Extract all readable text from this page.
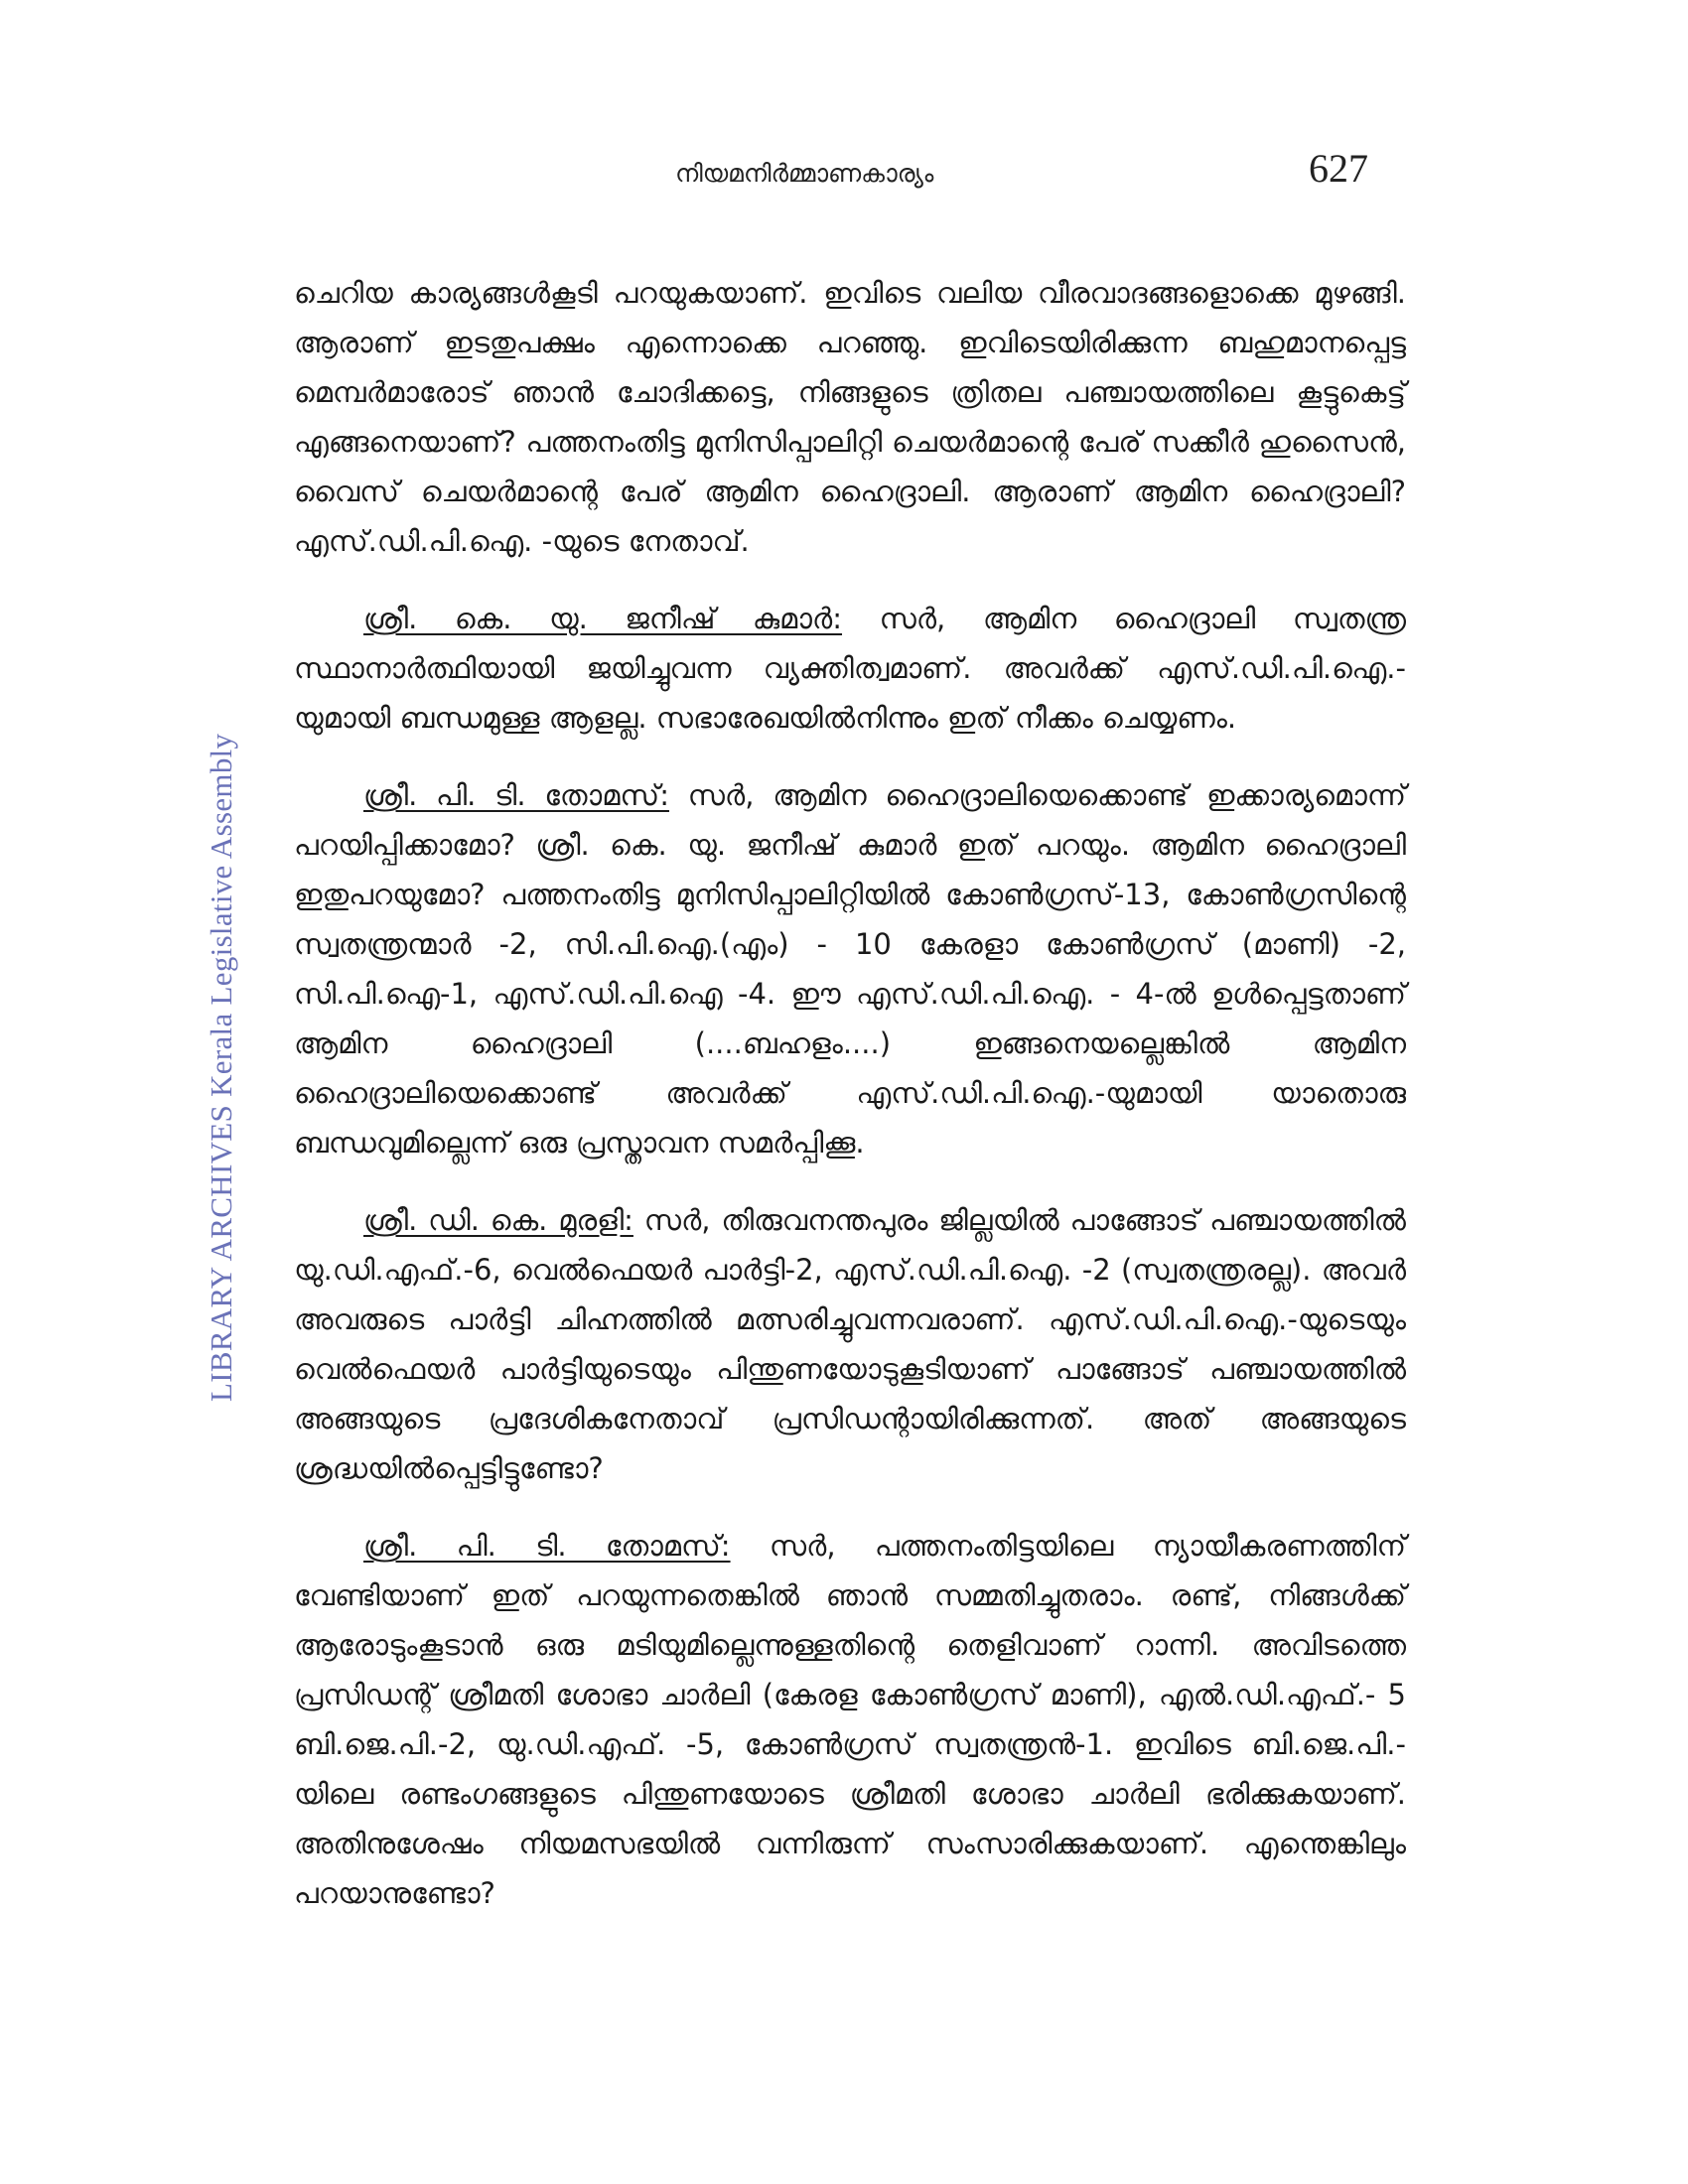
നിയമനിർമ്മാണകാര്യം	627
LIBRARY ARCHIVES Kerala Legislative Assembly

ചെറിയ കാര്യങ്ങൾകൂടി പറയുകയാണ്. ഇവിടെ വലിയ വീരവാദങ്ങളൊക്കെ മുഴങ്ങി. ആരാണ് ഇടതുപക്ഷം എന്നൊക്കെ പറഞ്ഞു. ഇവിടെയിരിക്കുന്ന ബഹുമാനപ്പെട്ട മെമ്പർമാരോട് ഞാൻ ചോദിക്കട്ടെ, നിങ്ങളുടെ ത്രിതല പഞ്ചായത്തിലെ കൂട്ടുകെട്ട് എങ്ങനെയാണ്? പത്തനംതിട്ട മുനിസിപ്പാലിറ്റി ചെയർമാന്റെ പേര് സക്കീർ ഹുസൈൻ, വൈസ് ചെയർമാന്റെ പേര് ആമിന ഹൈദ്രാലി. ആരാണ് ആമിന ഹൈദ്രാലി? എസ്.ഡി.പി.ഐ. -യുടെ നേതാവ്.

ശ്രീ. കെ. യു. ജനീഷ് കുമാർ: സർ, ആമിന ഹൈദ്രാലി സ്വതന്ത്ര സ്ഥാനാർത്ഥിയായി ജയിച്ചുവന്ന വ്യക്തിത്വമാണ്. അവർക്ക് എസ്.ഡി.പി.ഐ.-യുമായി ബന്ധമുള്ള ആളല്ല. സഭാരേഖയിൽനിന്നും ഇത് നീക്കം ചെയ്യണം.

ശ്രീ. പി. ടി. തോമസ്: സർ, ആമിന ഹൈദ്രാലിയെക്കൊണ്ട് ഇക്കാര്യമൊന്ന് പറയിപ്പിക്കാമോ? ശ്രീ. കെ. യു. ജനീഷ് കുമാർ ഇത് പറയും. ആമിന ഹൈദ്രാലി ഇതുപറയുമോ? പത്തനംതിട്ട മുനിസിപ്പാലിറ്റിയിൽ കോൺഗ്രസ്-13, കോൺഗ്രസിന്റെ സ്വതന്ത്രന്മാർ -2, സി.പി.ഐ.(എം) - 10 കേരളാ കോൺഗ്രസ് (മാണി) -2, സി.പി.ഐ-1, എസ്.ഡി.പി.ഐ -4. ഈ എസ്.ഡി.പി.ഐ. - 4-ൽ ഉൾപ്പെട്ടതാണ് ആമിന ഹൈദ്രാലി (....ബഹളം....) ഇങ്ങനെയല്ലെങ്കിൽ ആമിന ഹൈദ്രാലിയെക്കൊണ്ട് അവർക്ക് എസ്.ഡി.പി.ഐ.-യുമായി യാതൊരു ബന്ധവുമില്ലെന്ന് ഒരു പ്രസ്താവന സമർപ്പിക്കൂ.

ശ്രീ. ഡി. കെ. മുരളി: സർ, തിരുവനന്തപുരം ജില്ലയിൽ പാങ്ങോട് പഞ്ചായത്തിൽ യു.ഡി.എഫ്.-6, വെൽഫെയർ പാർട്ടി-2, എസ്.ഡി.പി.ഐ. -2 (സ്വതന്ത്രരല്ല). അവർ അവരുടെ പാർട്ടി ചിഹ്നത്തിൽ മത്സരിച്ചുവന്നവരാണ്. എസ്.ഡി.പി.ഐ.-യുടെയും വെൽഫെയർ പാർട്ടിയുടെയും പിന്തുണയോടുകൂടിയാണ് പാങ്ങോട് പഞ്ചായത്തിൽ അങ്ങയുടെ പ്രദേശികനേതാവ് പ്രസിഡന്റായിരിക്കുന്നത്. അത് അങ്ങയുടെ ശ്രദ്ധയിൽപ്പെട്ടിട്ടുണ്ടോ?

ശ്രീ. പി. ടി. തോമസ്: സർ, പത്തനംതിട്ടയിലെ ന്യായീകരണത്തിന് വേണ്ടിയാണ് ഇത് പറയുന്നതെങ്കിൽ ഞാൻ സമ്മതിച്ചുതരാം. രണ്ട്, നിങ്ങൾക്ക് ആരോടുംകൂടാൻ ഒരു മടിയുമില്ലെന്നുള്ളതിന്റെ തെളിവാണ് റാന്നി. അവിടത്തെ പ്രസിഡന്റ് ശ്രീമതി ശോഭാ ചാർലി (കേരള കോൺഗ്രസ് മാണി), എൽ.ഡി.എഫ്.- 5 ബി.ജെ.പി.-2, യു.ഡി.എഫ്. -5, കോൺഗ്രസ് സ്വതന്ത്രൻ-1. ഇവിടെ ബി.ജെ.പി.-യിലെ രണ്ടംഗങ്ങളുടെ പിന്തുണയോടെ ശ്രീമതി ശോഭാ ചാർലി ഭരിക്കുകയാണ്. അതിനുശേഷം നിയമസഭയിൽ വന്നിരുന്ന് സംസാരിക്കുകയാണ്. എന്തെങ്കിലും പറയാനുണ്ടോ?
